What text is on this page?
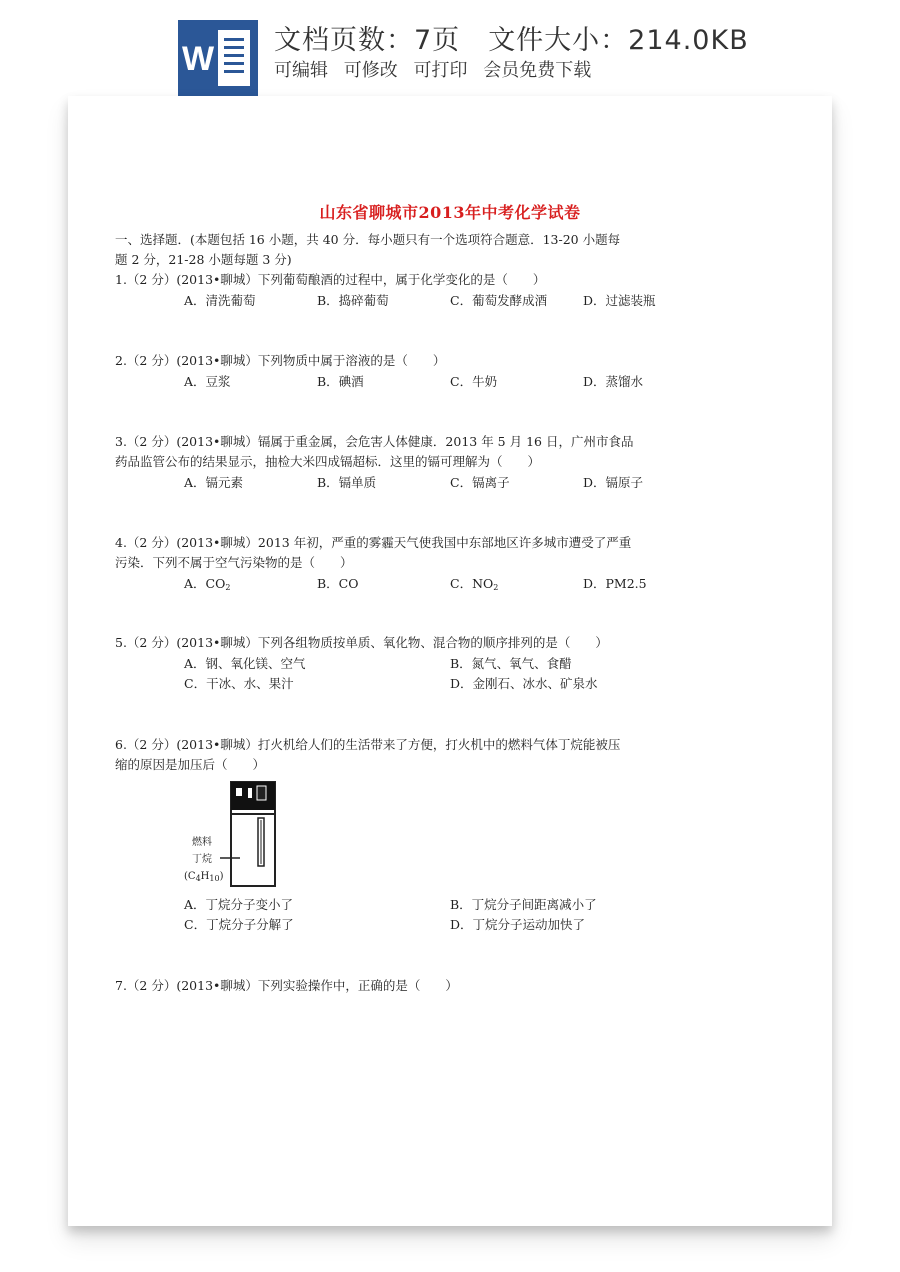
W 文档页数：7页 文件大小：214.0KB
可编辑 可修改 可打印 会员免费下载
山东省聊城市2013年中考化学试卷
一、选择题．(本题包括 16 小题，共 40 分．每小题只有一个选项符合题意．13-20 小题每
题 2 分，21-28 小题每题 3 分)
1.（2 分）(2013•聊城）下列葡萄酿酒的过程中，属于化学变化的是（　　）
A．清洗葡萄	B．捣碎葡萄	C．葡萄发酵成酒	D．过滤装瓶
2.（2 分）(2013•聊城）下列物质中属于溶液的是（　　）
A．豆浆	B．碘酒	C．牛奶	D．蒸馏水
3.（2 分）(2013•聊城）镉属于重金属，会危害人体健康．2013 年 5 月 16 日，广州市食品
药品监管公布的结果显示，抽检大米四成镉超标．这里的镉可理解为（　　）
A．镉元素	B．镉单质	C．镉离子	D．镉原子
4.（2 分）(2013•聊城）2013 年初，严重的雾霾天气使我国中东部地区许多城市遭受了严重
污染．下列不属于空气污染物的是（　　）
A．$CO_2$	B．CO	C．$NO_2$	D．PM2.5
5.（2 分）(2013•聊城）下列各组物质按单质、氧化物、混合物的顺序排列的是（　　）
A．钢、氧化镁、空气	B．氮气、氧气、食醋
C．干冰、水、果汁	D．金刚石、冰水、矿泉水
6.（2 分）(2013•聊城）打火机给人们的生活带来了方便，打火机中的燃料气体丁烷能被压
缩的原因是加压后（　　）
燃料
丁烷
$(C_4H_{10})$
A．丁烷分子变小了	B．丁烷分子间距离减小了
C．丁烷分子分解了	D．丁烷分子运动加快了
7.（2 分）(2013•聊城）下列实验操作中，正确的是（　　）
